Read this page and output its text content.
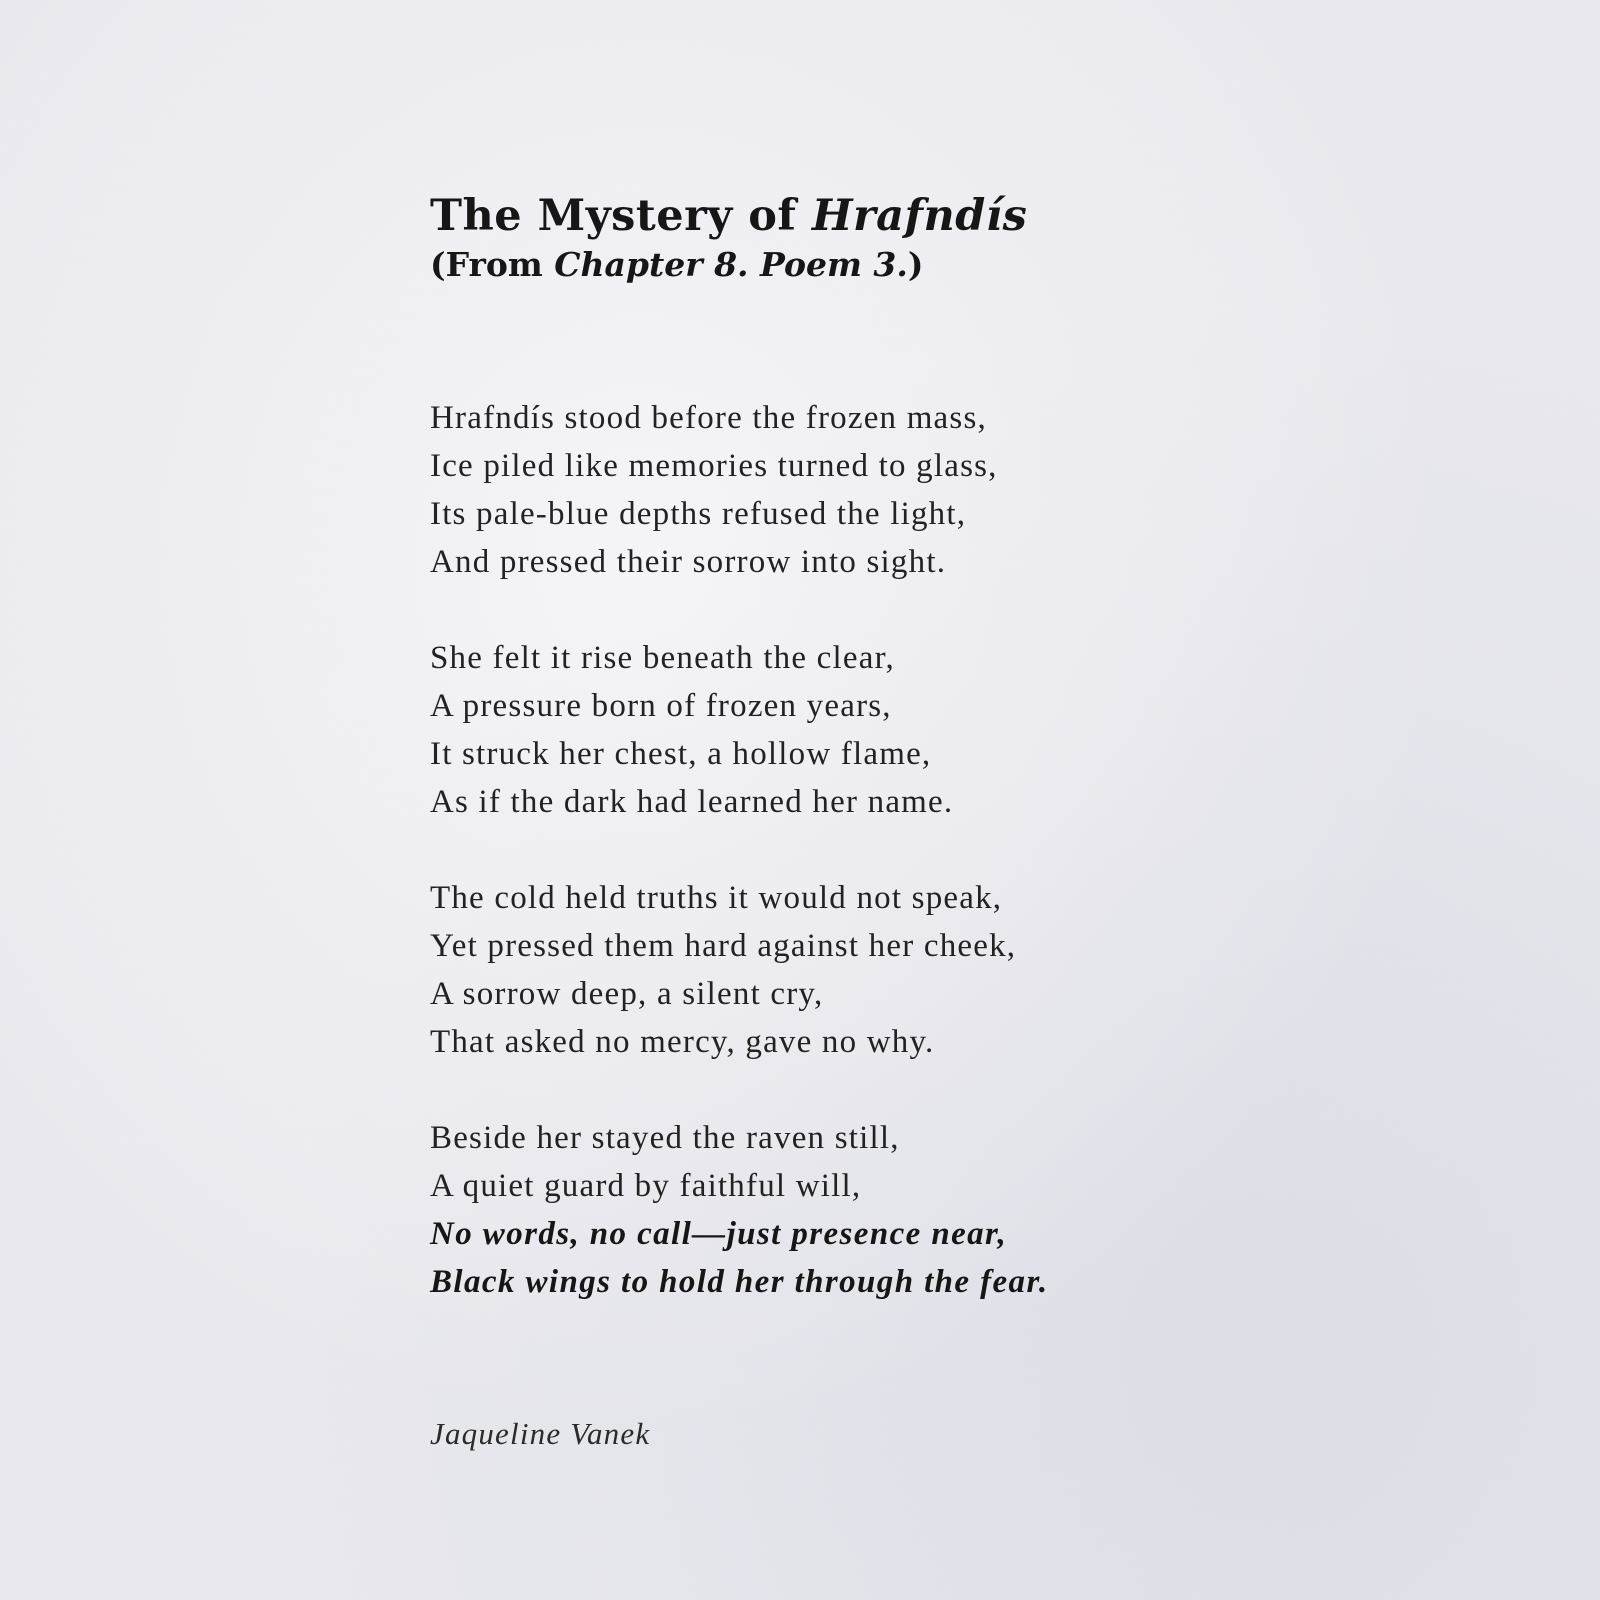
The Mystery of Hrafndís
(From Chapter 8. Poem 3.)
Hrafndís stood before the frozen mass,
Ice piled like memories turned to glass,
Its pale-blue depths refused the light,
And pressed their sorrow into sight.
She felt it rise beneath the clear,
A pressure born of frozen years,
It struck her chest, a hollow flame,
As if the dark had learned her name.
The cold held truths it would not speak,
Yet pressed them hard against her cheek,
A sorrow deep, a silent cry,
That asked no mercy, gave no why.
Beside her stayed the raven still,
A quiet guard by faithful will,
No words, no call—just presence near,
Black wings to hold her through the fear.
Jaqueline Vanek
